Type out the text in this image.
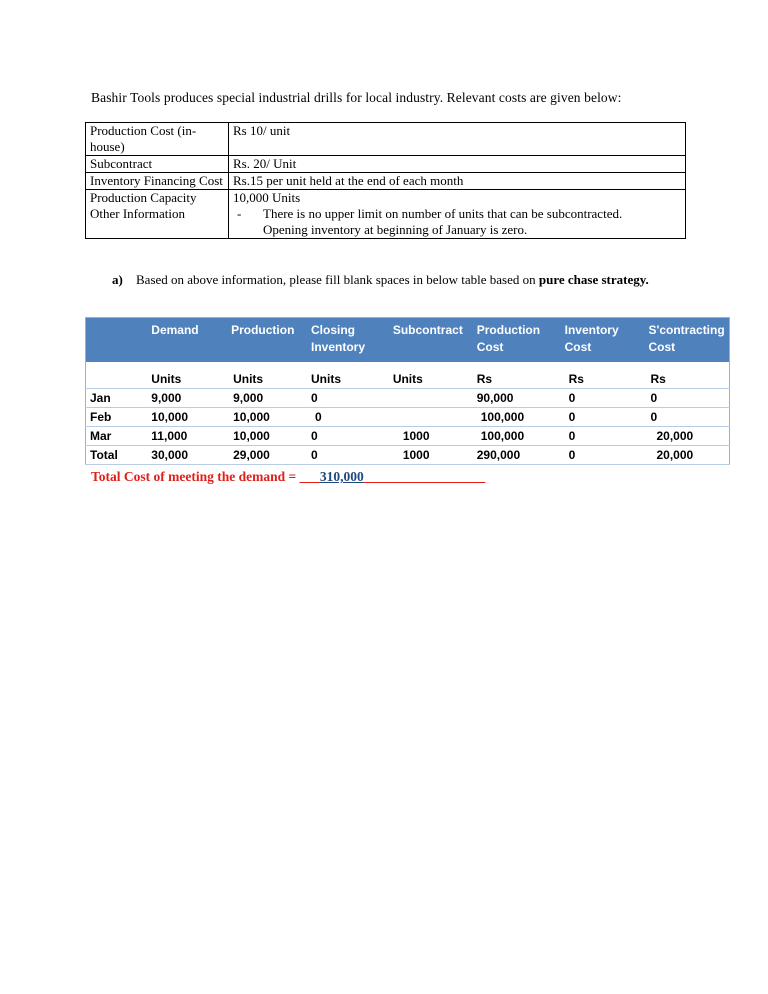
Bashir Tools produces special industrial drills for local industry. Relevant costs are given below:
Production Cost (in-house)	Rs 10/ unit
Subcontract	Rs. 20/ Unit
Inventory Financing Cost	Rs.15 per unit held at the end of each month
Production Capacity	10,000 Units

Other Information	- There is no upper limit on number of units that can be subcontracted.
Opening inventory at beginning of January is zero.
a)	Based on above information, please fill blank spaces in below table based on pure chase strategy.
	Demand	Production	Closing Inventory	Subcontract	Production Cost	Inventory Cost	S'contracting Cost
	Units	Units	Units	Units	Rs	Rs	Rs
Jan	9,000	9,000	0		90,000	0	0
Feb	10,000	10,000	0		100,000	0	0
Mar	11,000	10,000	0	1000	100,000	0	20,000
Total	30,000	29,000	0	1000	290,000	0	20,000
Total Cost of meeting the demand = ___310,000__________________
